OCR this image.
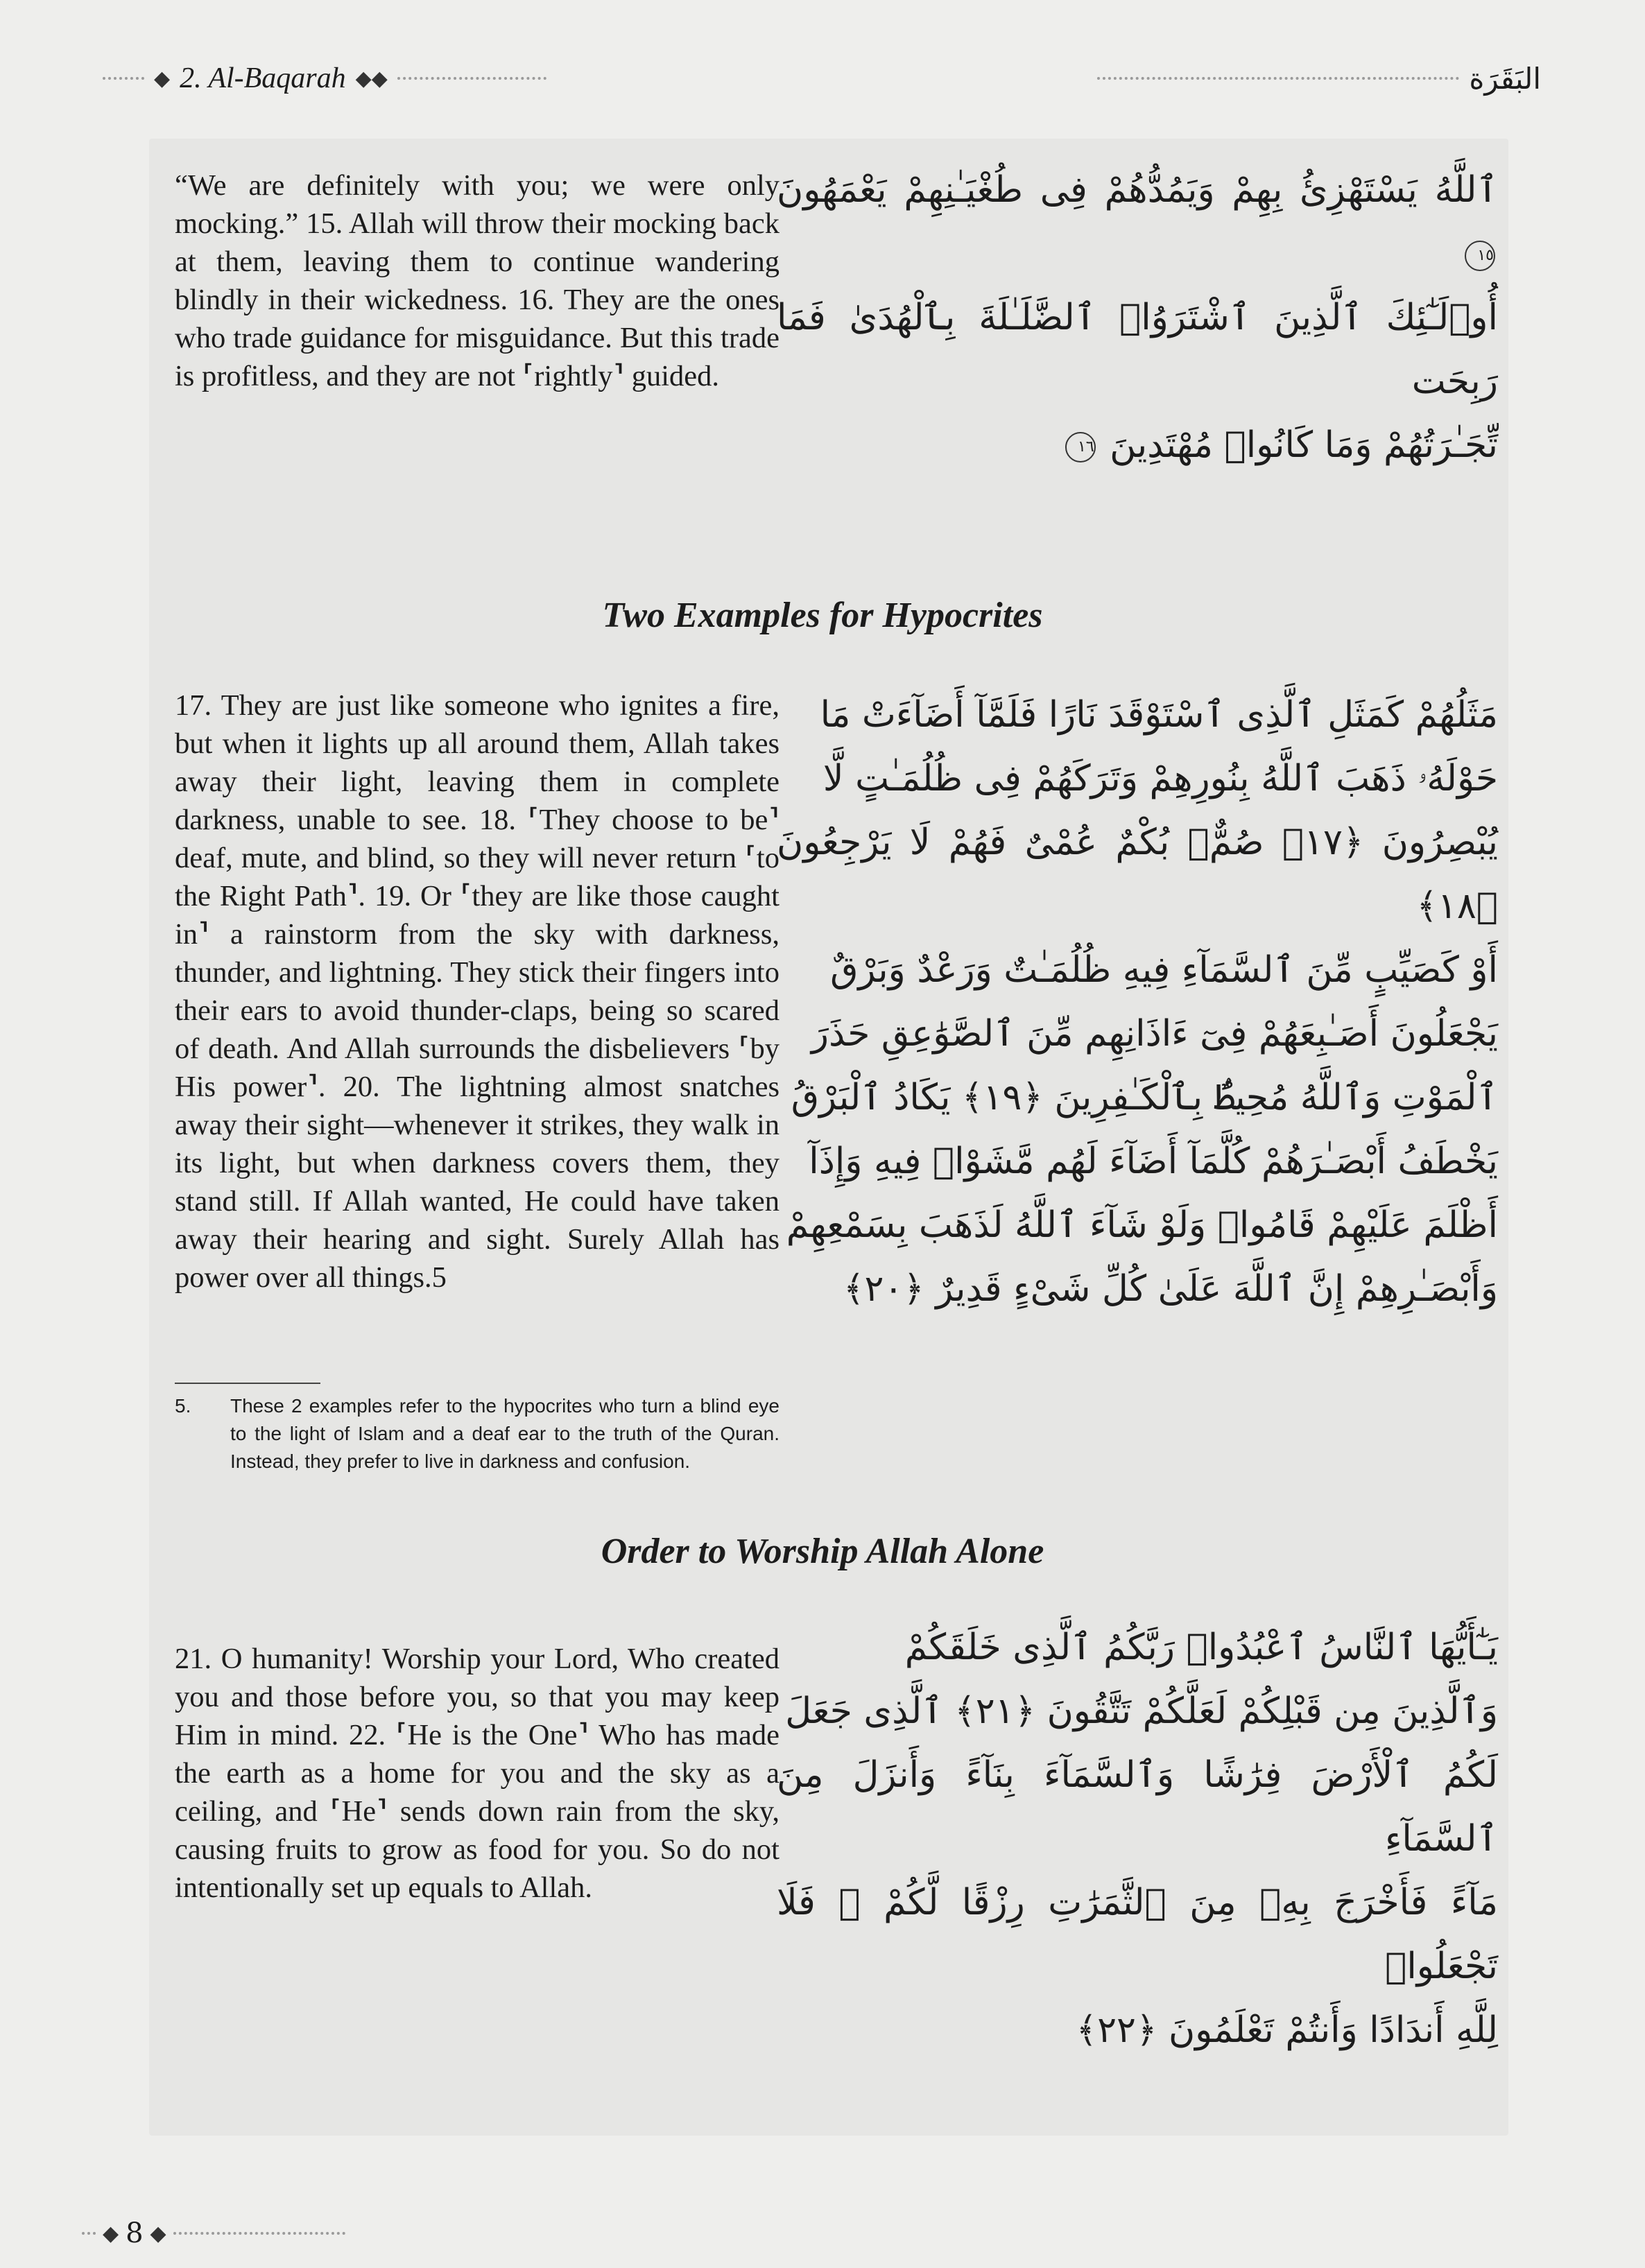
◆ 2. Al-Baqarah ◆◆	البَقَرَة

“We are definitely with you; we were only mocking.” 15. Allah will throw their mocking back at them, leaving them to continue wandering blindly in their wickedness. 16. They are the ones who trade guidance for misguidance. But this trade is profitless, and they are not ⸢rightly⸣ guided.

ٱللَّهُ يَسْتَهْزِئُ بِهِمْ وَيَمُدُّهُمْ فِى طُغْيَـٰنِهِمْ يَعْمَهُونَ ١٥
أُو۟لَـٰٓئِكَ ٱلَّذِينَ ٱشْتَرَوُا۟ ٱلضَّلَـٰلَةَ بِٱلْهُدَىٰ فَمَا رَبِحَت
تِّجَـٰرَتُهُمْ وَمَا كَانُوا۟ مُهْتَدِينَ ١٦
Two Examples for Hypocrites

17. They are just like someone who ignites a fire, but when it lights up all around them, Allah takes away their light, leaving them in complete darkness, unable to see. 18. ⸢They choose to be⸣ deaf, mute, and blind, so they will never return ⸢to the Right Path⸣. 19. Or ⸢they are like those caught in⸣ a rainstorm from the sky with darkness, thunder, and lightning. They stick their fingers into their ears to avoid thunder-claps, being so scared of death. And Allah surrounds the disbelievers ⸢by His power⸣. 20. The lightning almost snatches away their sight—whenever it strikes, they walk in its light, but when darkness covers them, they stand still. If Allah wanted, He could have taken away their hearing and sight. Surely Allah has power over all things.5

مَثَلُهُمْ كَمَثَلِ ٱلَّذِى ٱسْتَوْقَدَ نَارًا فَلَمَّآ أَضَآءَتْ مَا
حَوْلَهُۥ ذَهَبَ ٱللَّهُ بِنُورِهِمْ وَتَرَكَهُمْ فِى ظُلُمَـٰتٍ لَّا
يُبْصِرُونَ ﴿١٧﴾ صُمٌّۢ بُكْمٌ عُمْىٌ فَهُمْ لَا يَرْجِعُونَ ﴿١٨﴾
أَوْ كَصَيِّبٍ مِّنَ ٱلسَّمَآءِ فِيهِ ظُلُمَـٰتٌ وَرَعْدٌ وَبَرْقٌ
يَجْعَلُونَ أَصَـٰبِعَهُمْ فِىٓ ءَاذَانِهِم مِّنَ ٱلصَّوَٰعِقِ حَذَرَ
ٱلْمَوْتِ وَٱللَّهُ مُحِيطٌۢ بِٱلْكَـٰفِرِينَ ﴿١٩﴾ يَكَادُ ٱلْبَرْقُ
يَخْطَفُ أَبْصَـٰرَهُمْ كُلَّمَآ أَضَآءَ لَهُم مَّشَوْا۟ فِيهِ وَإِذَآ
أَظْلَمَ عَلَيْهِمْ قَامُوا۟ وَلَوْ شَآءَ ٱللَّهُ لَذَهَبَ بِسَمْعِهِمْ
وَأَبْصَـٰرِهِمْ إِنَّ ٱللَّهَ عَلَىٰ كُلِّ شَىْءٍ قَدِيرٌ ﴿٢٠﴾
5.	These 2 examples refer to the hypocrites who turn a blind eye to the light of Islam and a deaf ear to the truth of the Quran. Instead, they prefer to live in darkness and confusion.
Order to Worship Allah Alone

21. O humanity! Worship your Lord, Who created you and those before you, so that you may keep Him in mind. 22. ⸢He is the One⸣ Who has made the earth as a home for you and the sky as a ceiling, and ⸢He⸣ sends down rain from the sky, causing fruits to grow as food for you. So do not intentionally set up equals to Allah.

يَـٰٓأَيُّهَا ٱلنَّاسُ ٱعْبُدُوا۟ رَبَّكُمُ ٱلَّذِى خَلَقَكُمْ
وَٱلَّذِينَ مِن قَبْلِكُمْ لَعَلَّكُمْ تَتَّقُونَ ﴿٢١﴾ ٱلَّذِى جَعَلَ
لَكُمُ ٱلْأَرْضَ فِرَٰشًا وَٱلسَّمَآءَ بِنَآءً وَأَنزَلَ مِنَ ٱلسَّمَآءِ
مَآءً فَأَخْرَجَ بِهِۦ مِنَ ٱلثَّمَرَٰتِ رِزْقًا لَّكُمْ ۖ فَلَا تَجْعَلُوا۟
لِلَّهِ أَندَادًا وَأَنتُمْ تَعْلَمُونَ ﴿٢٢﴾
◆ 8 ◆
